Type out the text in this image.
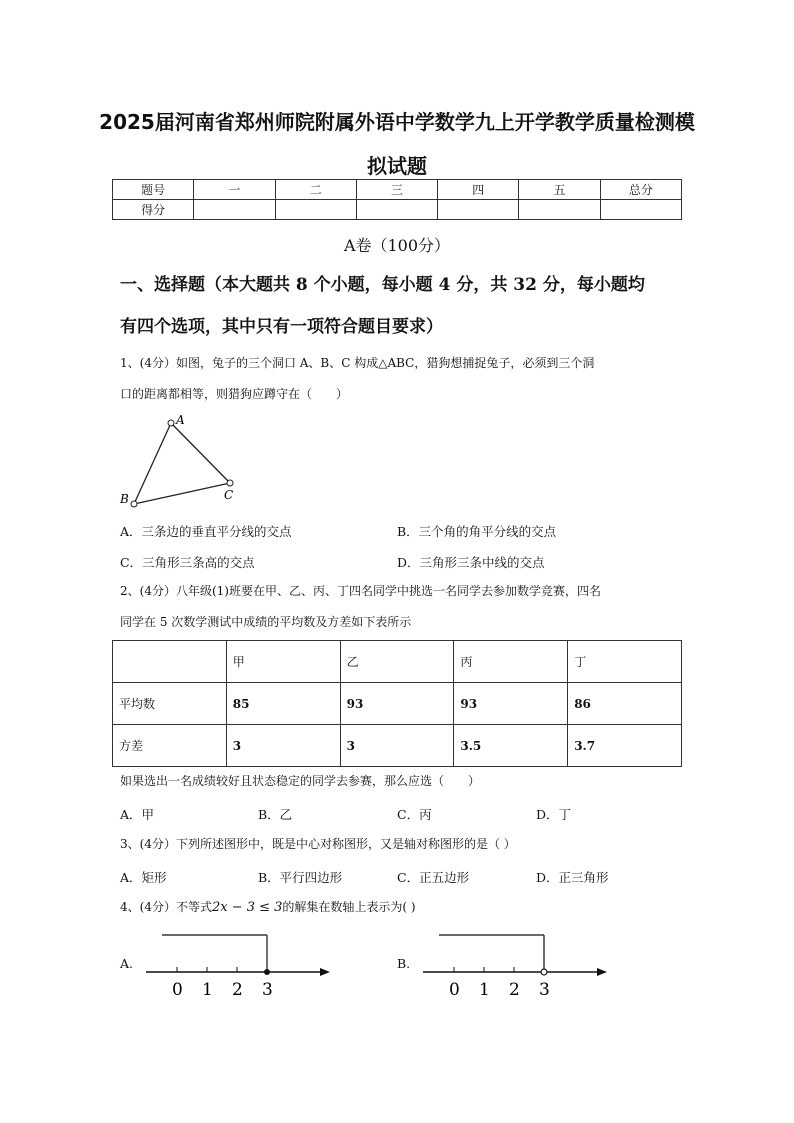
2025届河南省郑州师院附属外语中学数学九上开学教学质量检测模
拟试题
题号	一	二	三	四	五	总分
得分						
A卷（100分）
一、选择题（本大题共 8 个小题，每小题 4 分，共 32 分，每小题均
有四个选项，其中只有一项符合题目要求）
1、(4分）如图，兔子的三个洞口 A、B、C 构成△ABC，猎狗想捕捉兔子，必须到三个洞
口的距离都相等，则猎狗应蹲守在（　　）
A
B	C
A．三条边的垂直平分线的交点	B．三个角的角平分线的交点
C．三角形三条高的交点	D．三角形三条中线的交点
2、(4分）八年级(1)班要在甲、乙、丙、丁四名同学中挑选一名同学去参加数学竞赛，四名
同学在 5 次数学测试中成绩的平均数及方差如下表所示
	甲	乙	丙	丁
平均数	85	93	93	86
方差	3	3	3.5	3.7
如果选出一名成绩较好且状态稳定的同学去参赛，那么应选（　　）
A．甲	B．乙	C．丙	D．丁
3、(4分）下列所述图形中，既是中心对称图形，又是轴对称图形的是（ ）
A．矩形	B．平行四边形	C．正五边形	D．正三角形
4、(4分）不等式2x − 3 ≤ 3的解集在数轴上表示为( )
A.
0 1 2 3
B.
0 1 2 3
